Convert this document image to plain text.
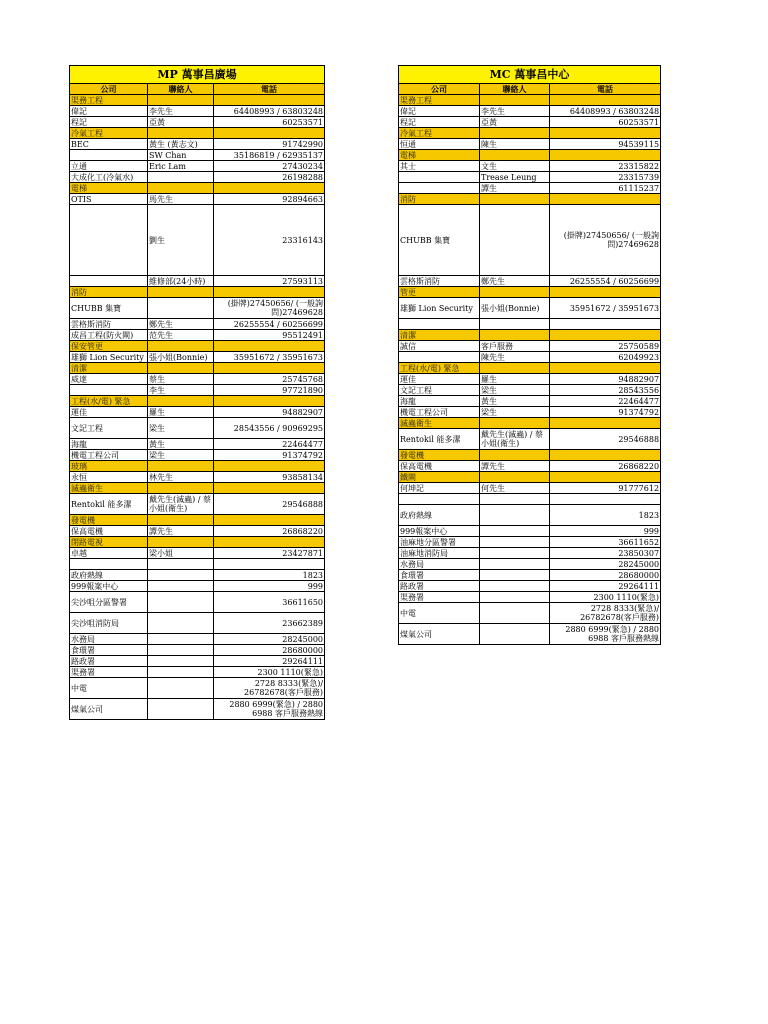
MP 萬事昌廣場		
公司	聯絡人	電話
渠務工程		
偉記	李先生	64408993 / 63803248
程記	亞黃	60253571
冷氣工程		
BEC	黃生 (黃志文)	91742990
	SW Chan	35186819 / 62935137
立通	Eric Lam	27430234
大成化工(冷氣水)		26198288
電梯		
OTIS	馬先生	92894663
	劉生	23316143
	維修部(24小時)	27593113
消防		
CHUBB 集寶		(掛牌)27450656/ (一般詢問)27469628
雲格斯消防	鄭先生	26255554 / 60256699
成昌工程(防火閘)	范先生	95512491
保安管更		
雄獅 Lion Security	張小姐(Bonnie)	35951672 / 35951673
清潔		
威達	蔡生	25745768
	李生	97721890
工程(水/電) 緊急		
運佳	羅生	94882907
文記工程	梁生	28543556 / 90969295
海龍	黃生	22464477
機電工程公司	梁生	91374792
玻璃		
永恒	林先生	93858134
滅蟲衛生		
Rentokil 能多潔	戴先生(滅蟲) / 蔡小姐(衛生)	29546888
發電機		
保高電機	譚先生	26868220
閉路電視		
卓越	梁小姐	23427871

政府熱線		1823
999報案中心		999
尖沙咀分區警署		36611650
尖沙咀消防局		23662389
水務局		28245000
食環署		28680000
路政署		29264111
渠務署		2300 1110(緊急)
中電		2728 8333(緊急)/ 26782678(客戶服務)
煤氣公司		2880 6999(緊急) / 2880 6988 客戶服務熱線
MC 萬事昌中心		
公司	聯絡人	電話
渠務工程		
偉記	李先生	64408993 / 63803248
程記	亞黃	60253571
冷氣工程		
恒通	陳生	94539115
電梯		
其士	文生	23315822
	Trease Leung	23315739
	譚生	61115237
消防		
CHUBB 集寶		(掛牌)27450656/ (一般詢問)27469628
雲格斯消防	鄭先生	26255554 / 60256699
管更		
雄獅 Lion Security	張小姐(Bonnie)	35951672 / 35951673

清潔		
誠信	客戶服務	25750589
	陳先生	62049923
工程(水/電) 緊急		
運佳	羅生	94882907
文記工程	梁生	28543556
海龍	黃生	22464477
機電工程公司	梁生	91374792
滅蟲衛生		
Rentokil 能多潔	戴先生(滅蟲) / 蔡小姐(衛生)	29546888
發電機		
保高電機	譚先生	26868220
鐵閘		
何坤記	何先生	91777612

政府熱線		1823
999報案中心		999
油麻地分區警署		36611652
油麻地消防局		23850307
水務局		28245000
食環署		28680000
路政署		29264111
渠務署		2300 1110(緊急)
中電		2728 8333(緊急)/ 26782678(客戶服務)
煤氣公司		2880 6999(緊急) / 2880 6988 客戶服務熱線
